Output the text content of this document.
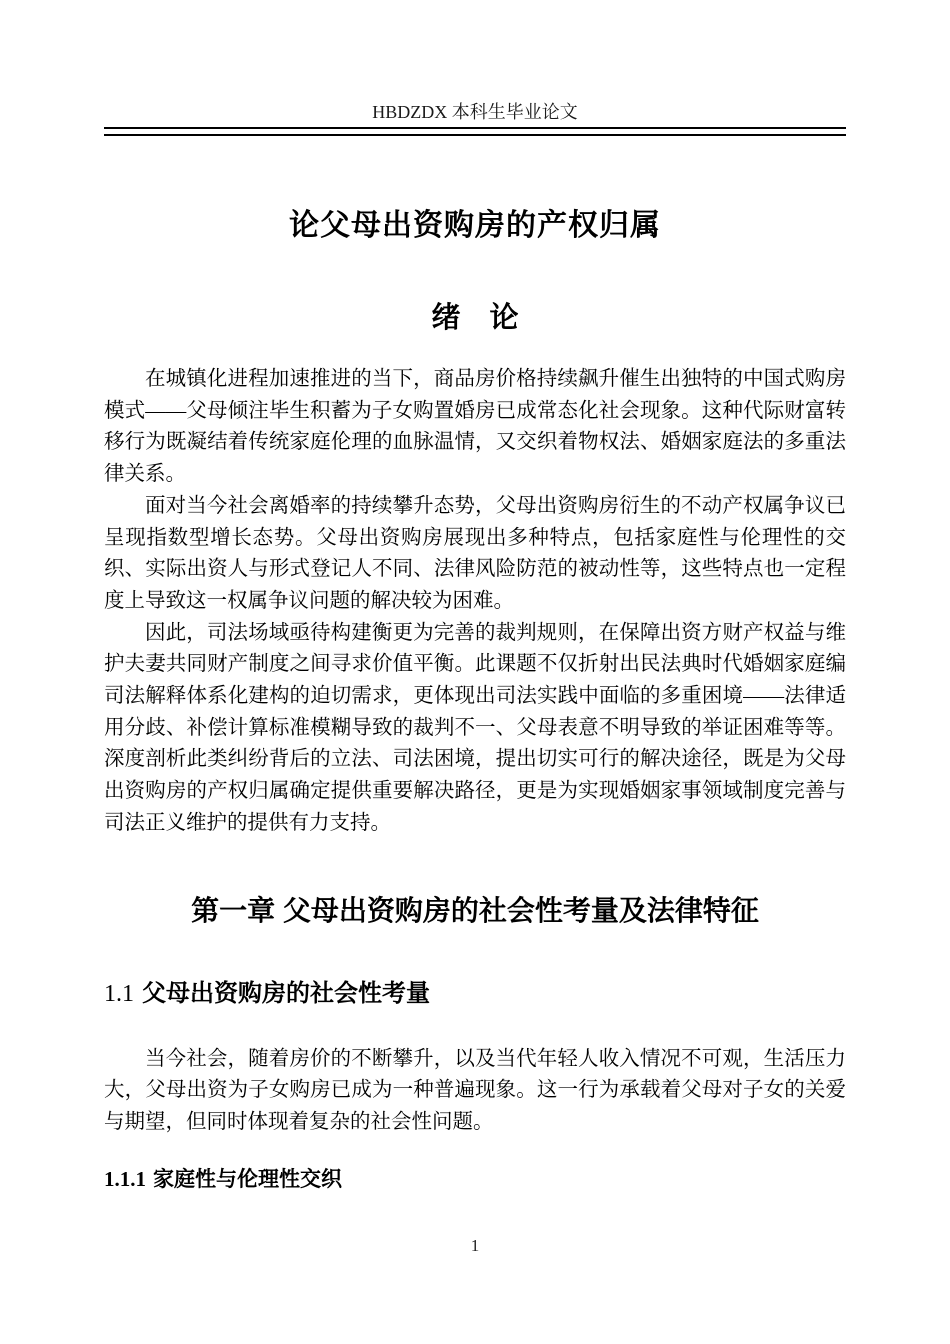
HBDZDX 本科生毕业论文
论父母出资购房的产权归属
绪　论

在城镇化进程加速推进的当下，商品房价格持续飙升催生出独特的中国式购房模式——父母倾注毕生积蓄为子女购置婚房已成常态化社会现象。这种代际财富转移行为既凝结着传统家庭伦理的血脉温情，又交织着物权法、婚姻家庭法的多重法律关系。

面对当今社会离婚率的持续攀升态势，父母出资购房衍生的不动产权属争议已呈现指数型增长态势。父母出资购房展现出多种特点，包括家庭性与伦理性的交织、实际出资人与形式登记人不同、法律风险防范的被动性等，这些特点也一定程度上导致这一权属争议问题的解决较为困难。

因此，司法场域亟待构建衡更为完善的裁判规则，在保障出资方财产权益与维护夫妻共同财产制度之间寻求价值平衡。此课题不仅折射出民法典时代婚姻家庭编司法解释体系化建构的迫切需求，更体现出司法实践中面临的多重困境——法律适用分歧、补偿计算标准模糊导致的裁判不一、父母表意不明导致的举证困难等等。深度剖析此类纠纷背后的立法、司法困境，提出切实可行的解决途径，既是为父母出资购房的产权归属确定提供重要解决路径，更是为实现婚姻家事领域制度完善与司法正义维护的提供有力支持。

第一章 父母出资购房的社会性考量及法律特征
1.1 父母出资购房的社会性考量

当今社会，随着房价的不断攀升，以及当代年轻人收入情况不可观，生活压力大，父母出资为子女购房已成为一种普遍现象。这一行为承载着父母对子女的关爱与期望，但同时体现着复杂的社会性问题。

1.1.1 家庭性与伦理性交织
1
